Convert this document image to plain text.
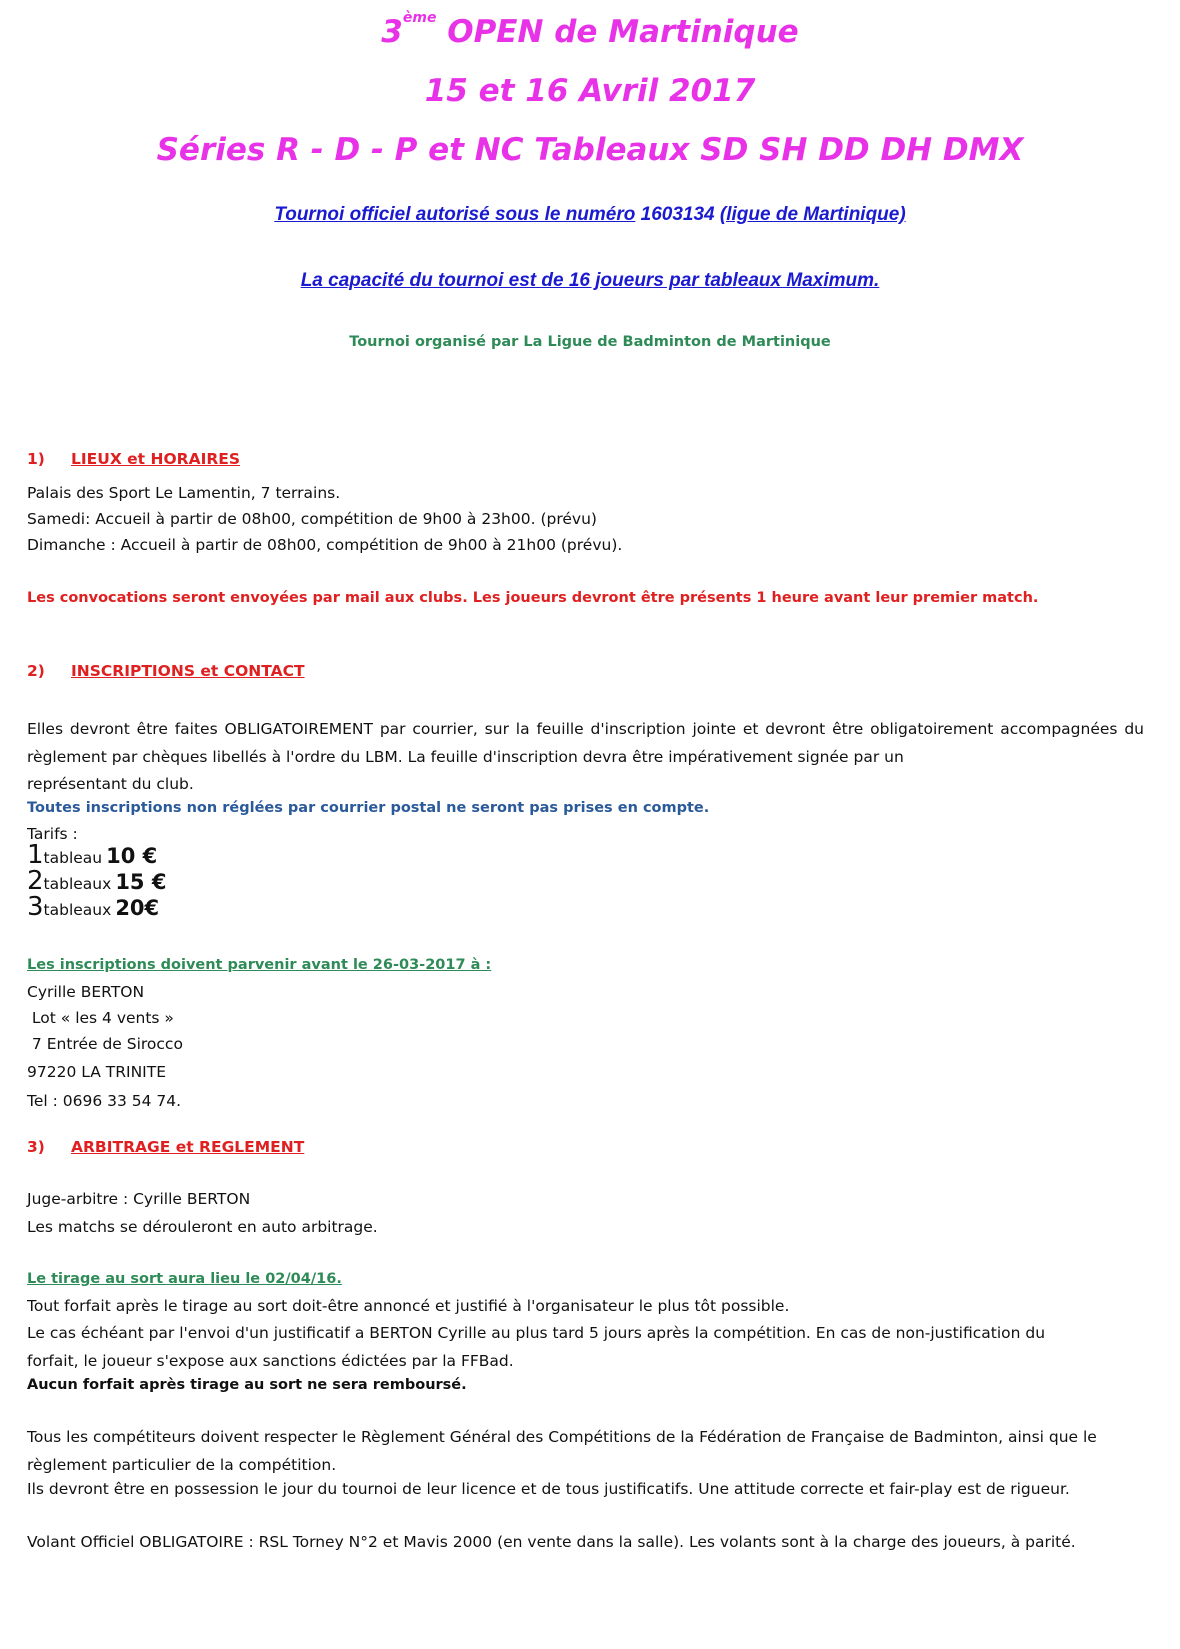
3ème OPEN de Martinique
15 et 16 Avril 2017
Séries R - D - P et NC Tableaux SD SH DD DH DMX
Tournoi officiel autorisé sous le numéro 1603134 (ligue de Martinique)
La capacité du tournoi est de 16 joueurs par tableaux Maximum.
Tournoi organisé par La Ligue de Badminton de Martinique
1) LIEUX et HORAIRES
Palais des Sport Le Lamentin, 7 terrains.
Samedi: Accueil à partir de 08h00, compétition de 9h00 à 23h00. (prévu)
Dimanche : Accueil à partir de 08h00, compétition de 9h00 à 21h00 (prévu).
Les convocations seront envoyées par mail aux clubs. Les joueurs devront être présents 1 heure avant leur premier match.
2) INSCRIPTIONS et CONTACT
Elles devront être faites OBLIGATOIREMENT par courrier, sur la feuille d'inscription jointe et devront être obligatoirement accompagnées du règlement par chèques libellés à l'ordre du LBM. La feuille d'inscription devra être impérativement signée par un
représentant du club.
Toutes inscriptions non réglées par courrier postal ne seront pas prises en compte.
Tarifs :
1tableau 10 €
2tableaux 15 €
3tableaux 20€
Les inscriptions doivent parvenir avant le 26-03-2017 à :
Cyrille BERTON
Lot « les 4 vents »
7 Entrée de Sirocco
97220 LA TRINITE
Tel : 0696 33 54 74.
3) ARBITRAGE et REGLEMENT
Juge-arbitre : Cyrille BERTON
Les matchs se dérouleront en auto arbitrage.
Le tirage au sort aura lieu le 02/04/16.
Tout forfait après le tirage au sort doit-être annoncé et justifié à l'organisateur le plus tôt possible.
Le cas échéant par l'envoi d'un justificatif a BERTON Cyrille au plus tard 5 jours après la compétition. En cas de non-justification du
forfait, le joueur s'expose aux sanctions édictées par la FFBad.
Aucun forfait après tirage au sort ne sera remboursé.
Tous les compétiteurs doivent respecter le Règlement Général des Compétitions de la Fédération de Française de Badminton, ainsi que le
règlement particulier de la compétition.
Ils devront être en possession le jour du tournoi de leur licence et de tous justificatifs. Une attitude correcte et fair-play est de rigueur.
Volant Officiel OBLIGATOIRE : RSL Torney N°2 et Mavis 2000 (en vente dans la salle). Les volants sont à la charge des joueurs, à parité.
